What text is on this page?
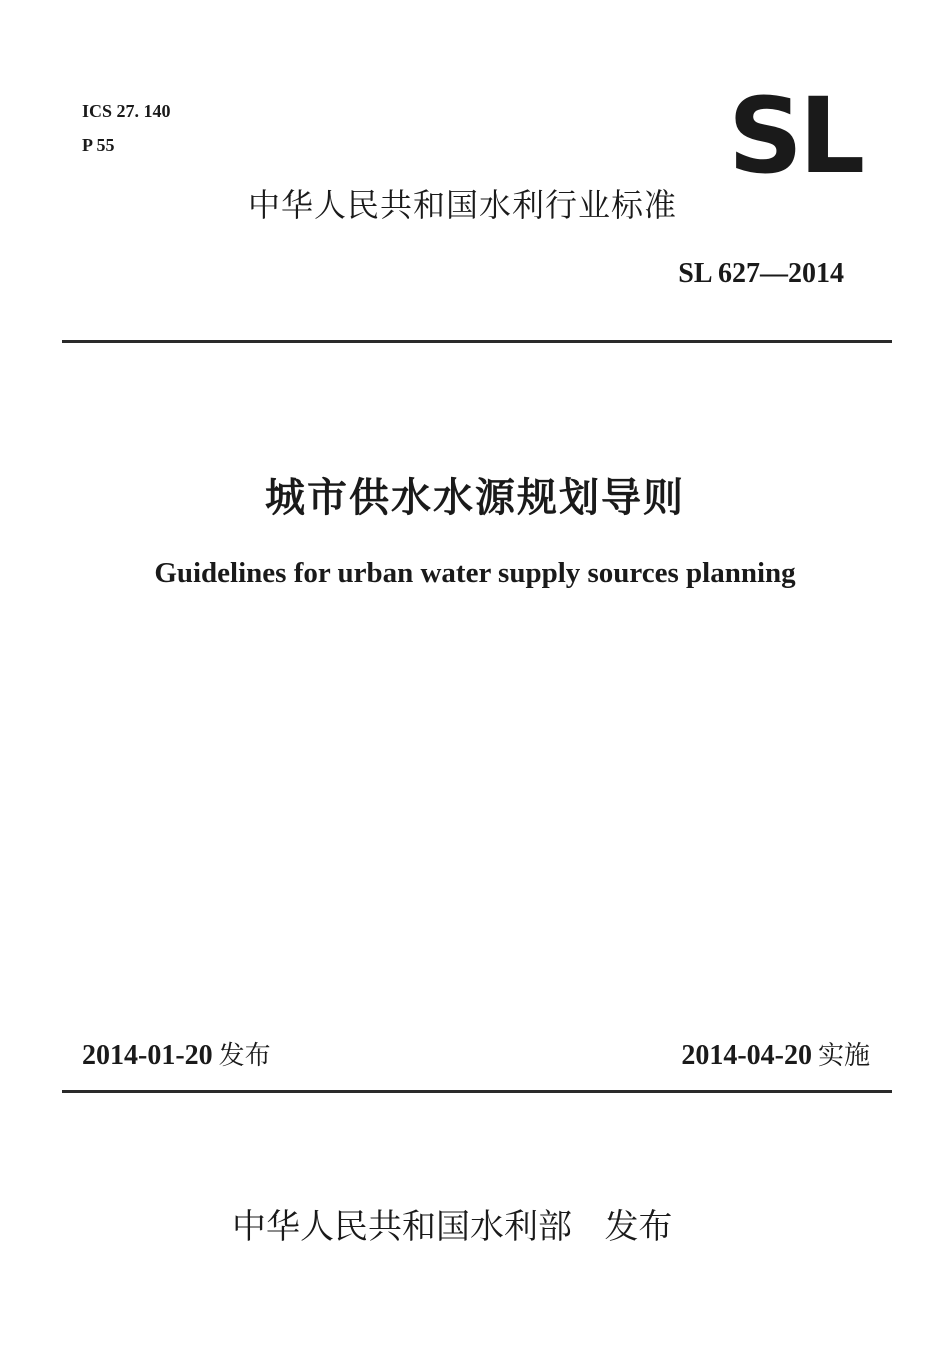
ICS 27. 140
P 55	SL
中华人民共和国水利行业标准
SL 627—2014
城市供水水源规划导则
Guidelines for urban water supply sources planning
2014-01-20 发布	2014-04-20 实施
中华人民共和国水利部 发布
